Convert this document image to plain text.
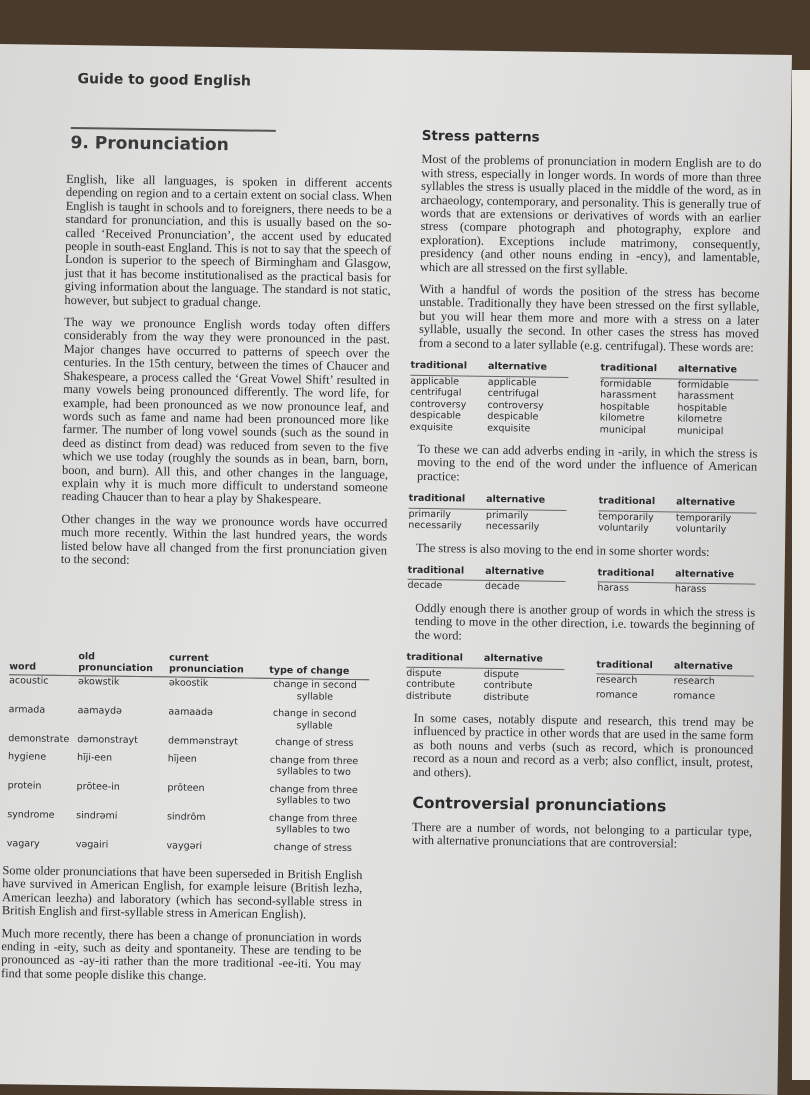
Guide to good English
9. Pronunciation

English, like all languages, is spoken in different accents depending on region and to a certain extent on social class. When English is taught in schools and to foreigners, there needs to be a standard for pronunciation, and this is usually based on the so-called ‘Received Pronunciation’, the accent used by educated people in south-east England. This is not to say that the speech of London is superior to the speech of Birmingham and Glasgow, just that it has become institutionalised as the practical basis for giving information about the language. The standard is not static, however, but subject to gradual change.

The way we pronounce English words today often differs considerably from the way they were pronounced in the past. Major changes have occurred to patterns of speech over the centuries. In the 15th century, between the times of Chaucer and Shakespeare, a process called the ‘Great Vowel Shift’ resulted in many vowels being pronounced differently. The word life, for example, had been pronounced as we now pronounce leaf, and words such as fame and name had been pronounced more like farmer. The number of long vowel sounds (such as the sound in deed as distinct from dead) was reduced from seven to the five which we use today (roughly the sounds as in bean, barn, born, boon, and burn). All this, and other changes in the language, explain why it is much more difficult to understand someone reading Chaucer than to hear a play by Shakespeare.

Other changes in the way we pronounce words have occurred much more recently. Within the last hundred years, the words listed below have all changed from the first pronunciation given to the second:

word	old pronunciation	current pronunciation	type of change
acoustic	əkowstik	əkoostik	change in second syllable
armada	aamaydə	aamaadə	change in second syllable
demonstrate	dəmonstrayt	demmənstrayt	change of stress
hygiene	hīji-een	hījeen	change from three syllables to two
protein	prōtee-in	prōteen	change from three syllables to two
syndrome	sindrəmi	sindrōm	change from three syllables to two
vagary	vəgairi	vaygəri	change of stress

Some older pronunciations that have been superseded in British English have survived in American English, for example leisure (British lezhə, American leezhə) and laboratory (which has second-syllable stress in British English and first-syllable stress in American English).

Much more recently, there has been a change of pronunciation in words ending in -eity, such as deity and spontaneity. These are tending to be pronounced as -ay-iti rather than the more traditional -ee-iti. You may find that some people dislike this change.

Stress patterns

Most of the problems of pronunciation in modern English are to do with stress, especially in longer words. In words of more than three syllables the stress is usually placed in the middle of the word, as in archaeology, contemporary, and personality. This is generally true of words that are extensions or derivatives of words with an earlier stress (compare photograph and photography, explore and exploration). Exceptions include matrimony, consequently, presidency (and other nouns ending in -ency), and lamentable, which are all stressed on the first syllable.

With a handful of words the position of the stress has become unstable. Traditionally they have been stressed on the first syllable, but you will hear them more and more with a stress on a later syllable, usually the second. In other cases the stress has moved from a second to a later syllable (e.g. centrifugal). These words are:

traditional	alternative
applicable	applicable
centrifugal	centrifugal
controversy	controversy
despicable	despicable
exquisite	exquisite
traditional	alternative
formidable	formidable
harassment	harassment
hospitable	hospitable
kilometre	kilometre
municipal	municipal

To these we can add adverbs ending in -arily, in which the stress is moving to the end of the word under the influence of American practice:

traditional	alternative
primarily	primarily
necessarily	necessarily
traditional	alternative
temporarily	temporarily
voluntarily	voluntarily

The stress is also moving to the end in some shorter words:

traditional	alternative
decade	decade
traditional	alternative
harass	harass

Oddly enough there is another group of words in which the stress is tending to move in the other direction, i.e. towards the beginning of the word:

traditional	alternative
dispute	dispute
contribute	contribute
distribute	distribute
traditional	alternative
research	research
romance	romance

In some cases, notably dispute and research, this trend may be influenced by practice in other words that are used in the same form as both nouns and verbs (such as record, which is pronounced record as a noun and record as a verb; also conflict, insult, protest, and others).

Controversial pronunciations

There are a number of words, not belonging to a particular type, with alternative pronunciations that are controversial:
